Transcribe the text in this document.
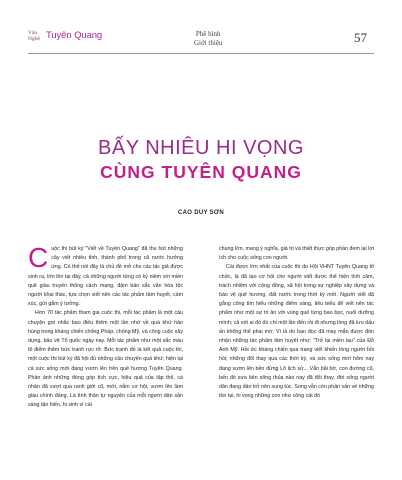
Văn
Nghệ Tuyên Quang	Phê bình
Giới thiệu	57
BẤY NHIÊU HI VỌNG
CÙNG TUYÊN QUANG
CAO DUY SƠN

Cuộc thi bút ký "Viết về Tuyên Quang" đã thu hút những cây viết nhiều tỉnh, thành phố trong cả nước hưởng ứng. Có thể nói đây là chủ đề mở cho các tác giả được sinh ra, lớn lên tại đây, cả những người từng có kỷ niệm với miền quê giàu truyền thống cách mạng, đậm bản sắc văn hóa tộc người khai thác, tựa chọn viết nên các tác phẩm tâm huyết, cảm xúc, gửi gắm ý tưởng.

Hơn 70 tác phẩm tham gia cuộc thi, mỗi tác phẩm là một câu chuyện gợi nhắc bao điều thêm một lần nhớ về quá khứ hào hùng trong kháng chiến chống Pháp, chống Mỹ, và công cuộc xây dựng, bảo vệ Tổ quốc ngày nay. Mỗi tác phẩm như một sắc màu tô điểm thêm bức tranh rực rỡ. Bức tranh đó là kết quả cuộc thi, một cuộc thi bút ký đã hội đủ những câu chuyện quá khứ; hiện tại cả sức sống mới đang vươn lên trên quê hương Tuyên Quang. Phản ánh những đóng góp tích cực, hiệu quả của tập thể, cá nhân đã vượt qua ranh giới cũ, mới, nắm cơ hội, vươn lên làm giàu chính đáng. Là tình thân tự nguyện của mỗi người dân sẵn sàng tận hiến, hi sinh vì cái

chung lớn, mang ý nghĩa, giá trị và thiết thực góp phần đem lại lợi ích cho cuộc sống con người.

Cái được lớn nhất của cuộc thi do Hội VHNT Tuyên Quang tổ chức, là đã tạo cơ hội cho người viết được thể hiện tình cảm, trách nhiệm với cộng đồng, xã hội trong sự nghiệp xây dựng và bảo vệ quê hương, đất nước trong thời kỳ mới. Người viết đã gắng công tìm hiểu những điểm sáng, tiêu biểu để viết nên tác phẩm như một sự tri ân với vùng quê từng bao bọc, nuôi dưỡng mình; cả với ai đó dù chỉ một lần đến rồi đi nhưng lòng đã lưu dấu ấn không thể phai mờ. Vì là do bạn đọc đã may mắn được đón nhận những tác phẩm tâm huyết như: "Trở lại miền lau" của Đỗ Anh Mỹ. Hồi ức kháng chiến qua trang viết khiến lòng người bồi hồi; những đổi thay qua các thời kỳ, và sức sống mới hôm nay đang vươn lên bền đứng Lô lịch sử... Vẫn bãi bờ, con đường cũ, bến đò xưa bên sông thủa nào nay đã đổi thay, đời sống người dân đang dần trở nên sung túc. Song vẫn còn phần vấn về những tồn tại, hi vọng những con như công cát đó
